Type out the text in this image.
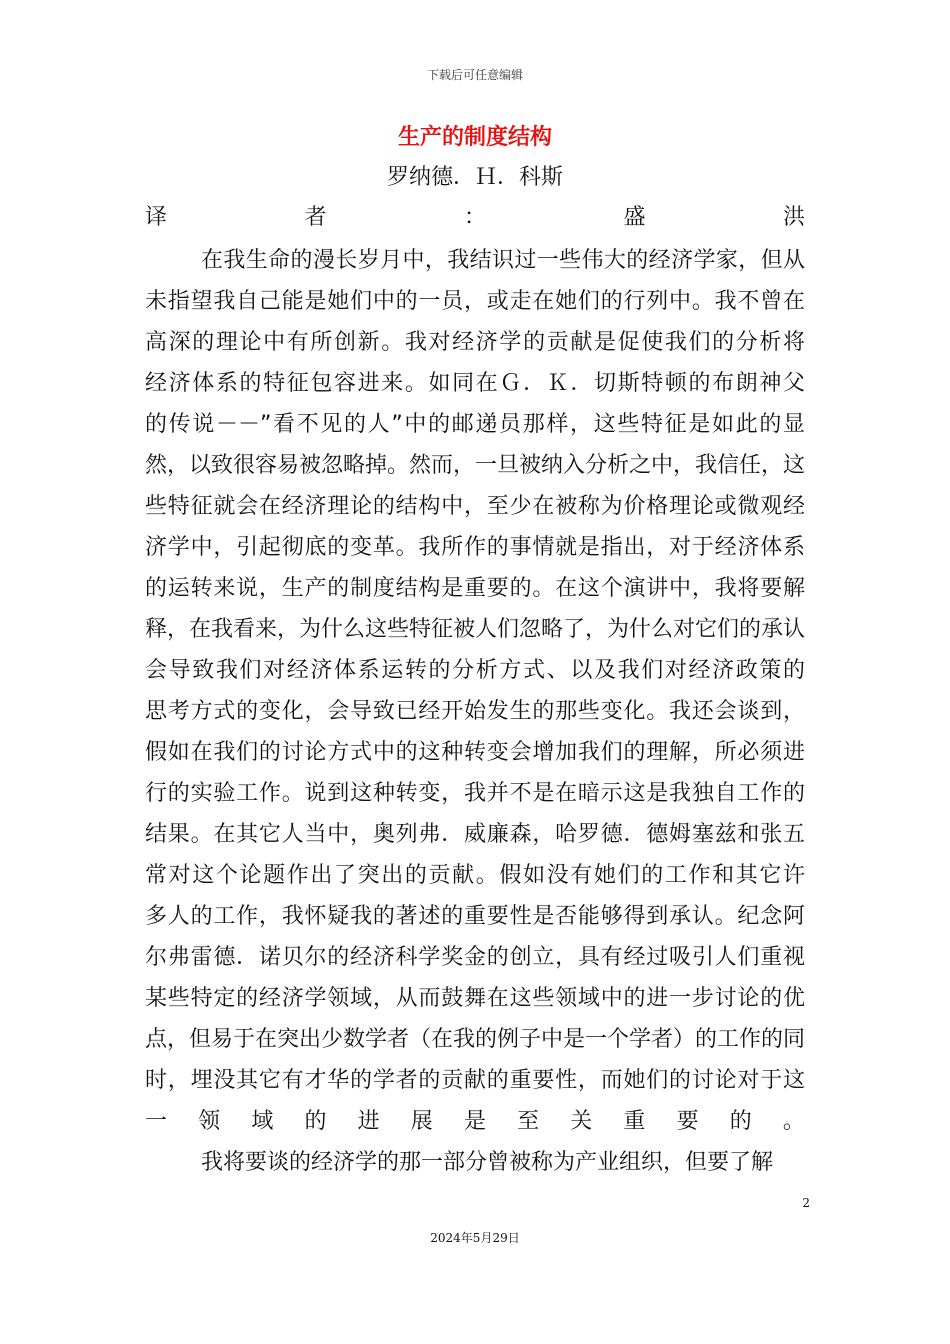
下载后可任意编辑
生产的制度结构
罗纳德．Ｈ．科斯
译	者	：	盛	洪
在我生命的漫长岁月中，我结识过一些伟大的经济学家，但从
未指望我自己能是她们中的一员，或走在她们的行列中。我不曾在
高深的理论中有所创新。我对经济学的贡献是促使我们的分析将
经济体系的特征包容进来。如同在Ｇ．Ｋ．切斯特顿的布朗神父
的传说－－”看不见的人”中的邮递员那样，这些特征是如此的显
然，以致很容易被忽略掉。然而，一旦被纳入分析之中，我信任，这
些特征就会在经济理论的结构中，至少在被称为价格理论或微观经
济学中，引起彻底的变革。我所作的事情就是指出，对于经济体系
的运转来说，生产的制度结构是重要的。在这个演讲中，我将要解
释，在我看来，为什么这些特征被人们忽略了，为什么对它们的承认
会导致我们对经济体系运转的分析方式、以及我们对经济政策的
思考方式的变化，会导致已经开始发生的那些变化。我还会谈到，
假如在我们的讨论方式中的这种转变会增加我们的理解，所必须进
行的实验工作。说到这种转变，我并不是在暗示这是我独自工作的
结果。在其它人当中，奥列弗．威廉森，哈罗德．德姆塞兹和张五
常对这个论题作出了突出的贡献。假如没有她们的工作和其它许
多人的工作，我怀疑我的著述的重要性是否能够得到承认。纪念阿
尔弗雷德．诺贝尔的经济科学奖金的创立，具有经过吸引人们重视
某些特定的经济学领域，从而鼓舞在这些领域中的进一步讨论的优
点，但易于在突出少数学者（在我的例子中是一个学者）的工作的同
时，埋没其它有才华的学者的贡献的重要性，而她们的讨论对于这
一 领 域 的 进 展 是 至 关 重 要 的 。
我将要谈的经济学的那一部分曾被称为产业组织，但要了解
2
2024年5月29日
